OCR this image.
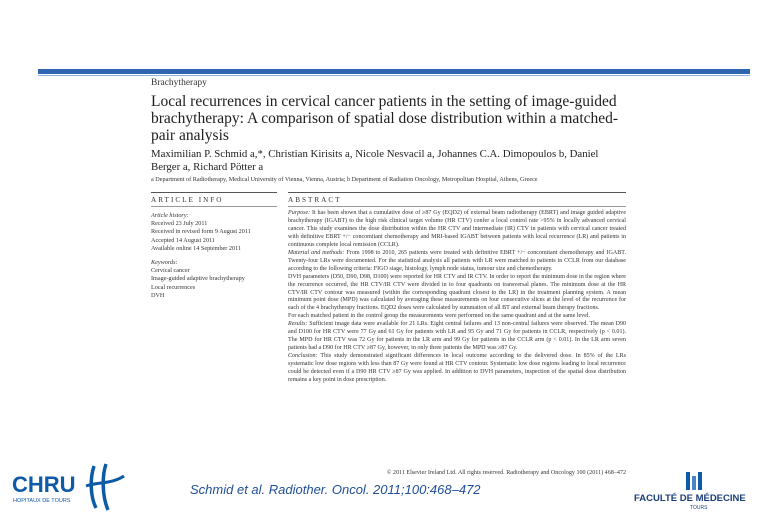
Brachytherapy
Local recurrences in cervical cancer patients in the setting of image-guided brachytherapy: A comparison of spatial dose distribution within a matched-pair analysis
Maximilian P. Schmid a,*, Christian Kirisits a, Nicole Nesvacil a, Johannes C.A. Dimopoulos b, Daniel Berger a, Richard Pötter a
a Department of Radiotherapy, Medical University of Vienna, Vienna, Austria; b Department of Radiation Oncology, Metropolitan Hospital, Athens, Greece
ARTICLE INFO	ABSTRACT
Article history:
Received 23 July 2011
Received in revised form 9 August 2011
Accepted 14 August 2011
Available online 14 September 2011
Keywords:
Cervical cancer
Image-guided adaptive brachytherapy
Local recurrences
DVH

Purpose: It has been shown that a cumulative dose of ≥87 Gy (EQD2) of external beam radiotherapy (EBRT) and image guided adaptive brachytherapy (IGABT) to the high risk clinical target volume (HR CTV) confer a local control rate >95% in locally advanced cervical cancer. This study examines the dose distribution within the HR CTV and intermediate (IR) CTV in patients with cervical cancer treated with definitive EBRT +/− concomitant chemotherapy and MRI-based IGABT between patients with local recurrence (LR) and patients in continuous complete local remission (CCLR).

Material and methods: From 1998 to 2010, 265 patients were treated with definitive EBRT +/− concomitant chemotherapy and IGABT. Twenty-four LRs were documented. For the statistical analysis all patients with LR were matched to patients in CCLR from our database according to the following criteria: FIGO stage, histology, lymph node status, tumour size and chemotherapy.

DVH parameters (D50, D90, D98, D100) were reported for HR CTV and IR CTV. In order to report the minimum dose in the region where the recurrence occurred, the HR CTV/IR CTV were divided in to four quadrants on transversal planes. The minimum dose at the HR CTV/IR CTV contour was measured (within the corresponding quadrant closest to the LR) in the treatment planning system. A mean minimum point dose (MPD) was calculated by averaging these measurements on four consecutive slices at the level of the recurrence for each of the 4 brachytherapy fractions. EQD2 doses were calculated by summation of all BT and external beam therapy fractions.

For each matched patient in the control group the measurements were performed on the same quadrant and at the same level.

Results: Sufficient image data were available for 21 LRs. Eight central failures and 13 non-central failures were observed. The mean D90 and D100 for HR CTV were 77 Gy and 61 Gy for patients with LR and 95 Gy and 71 Gy for patients in CCLR, respectively (p < 0.01). The MPD for HR CTV was 72 Gy for patients in the LR arm and 99 Gy for patients in the CCLR arm (p < 0.01). In the LR arm seven patients had a D90 for HR CTV ≥87 Gy, however, in only three patients the MPD was ≥87 Gy.

Conclusion: This study demonstrated significant differences in local outcome according to the delivered dose. In 85% of the LRs systematic low dose regions with less than 87 Gy were found at HR CTV contour. Systematic low dose regions leading to local recurrence could be detected even if a D90 HR CTV ≥87 Gy was applied. In addition to DVH parameters, inspection of the spatial dose distribution remains a key point in dose prescription.

© 2011 Elsevier Ireland Ltd. All rights reserved. Radiotherapy and Oncology 100 (2011) 468–472
Schmid et al. Radiother. Oncol. 2011;100:468–472
CHRU
HOPITAUX DE TOURS	FACULTÉ DE MÉDECINE
TOURS
